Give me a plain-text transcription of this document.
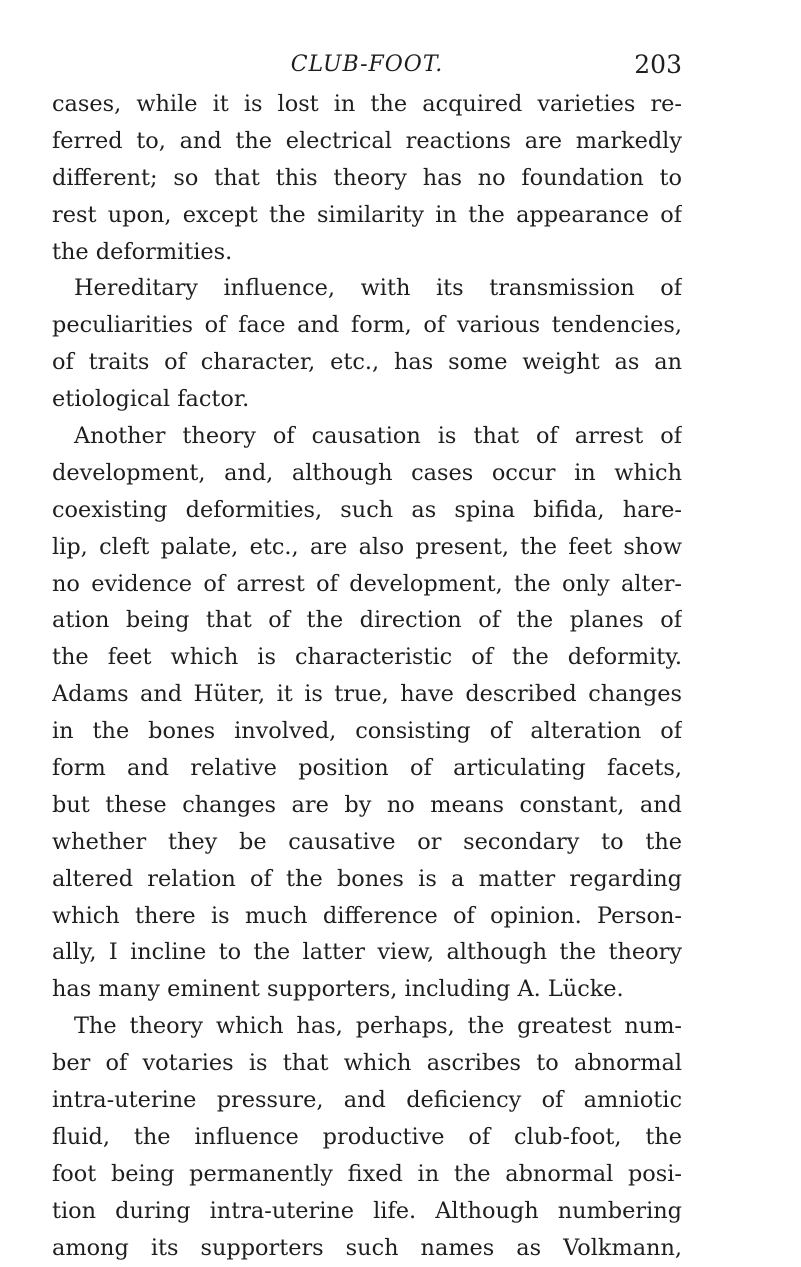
CLUB-FOOT.	203
cases, while it is lost in the acquired varieties re-
ferred to, and the electrical reactions are markedly
different; so that this theory has no foundation to
rest upon, except the similarity in the appearance of
the deformities.
Hereditary influence, with its transmission of
peculiarities of face and form, of various tendencies,
of traits of character, etc., has some weight as an
etiological factor.
Another theory of causation is that of arrest of
development, and, although cases occur in which
coexisting deformities, such as spina bifida, hare-
lip, cleft palate, etc., are also present, the feet show
no evidence of arrest of development, the only alter-
ation being that of the direction of the planes of
the feet which is characteristic of the deformity.
Adams and Hüter, it is true, have described changes
in the bones involved, consisting of alteration of
form and relative position of articulating facets,
but these changes are by no means constant, and
whether they be causative or secondary to the
altered relation of the bones is a matter regarding
which there is much difference of opinion. Person-
ally, I incline to the latter view, although the theory
has many eminent supporters, including A. Lücke.
The theory which has, perhaps, the greatest num-
ber of votaries is that which ascribes to abnormal
intra-uterine pressure, and deficiency of amniotic
fluid, the influence productive of club-foot, the
foot being permanently fixed in the abnormal posi-
tion during intra-uterine life. Although numbering
among its supporters such names as Volkmann,
